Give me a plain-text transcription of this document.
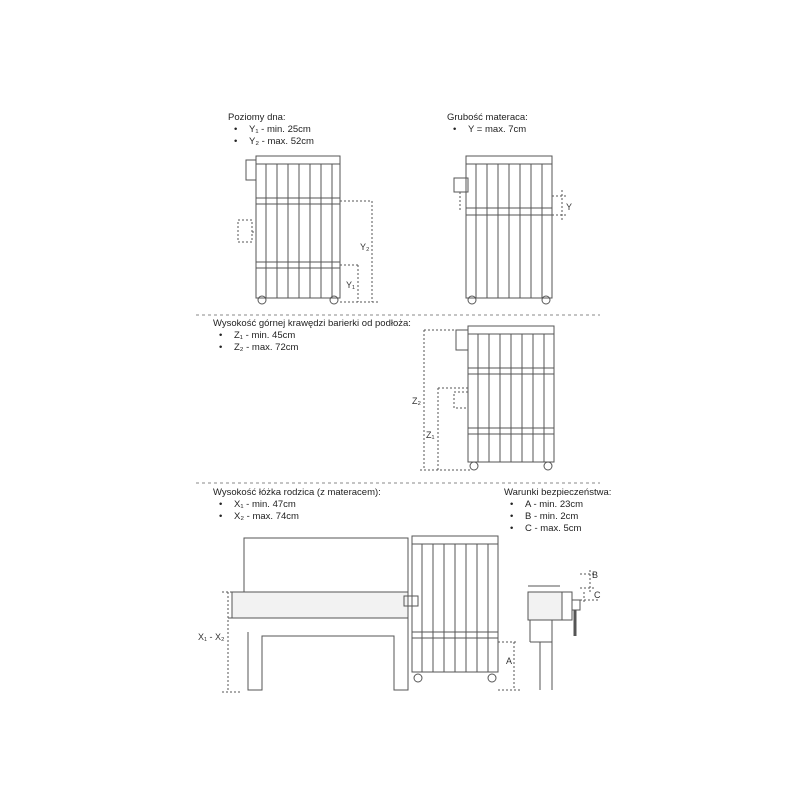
Poziomy dna:
• Y₁ - min. 25cm
• Y₂ - max. 52cm
Grubość materaca:
• Y = max. 7cm
Wysokość górnej krawędzi barierki od podłoża:
• Z₁ - min. 45cm
• Z₂ - max. 72cm
Wysokość łóżka rodzica (z materacem):
• X₁ - min. 47cm
• X₂ - max. 74cm
Warunki bezpieczeństwa:
• A - min. 23cm
• B - min. 2cm
• C - max. 5cm
Y₂
Y₁
Y
Z₂
Z₁
X₁ - X₂
A
B
C
